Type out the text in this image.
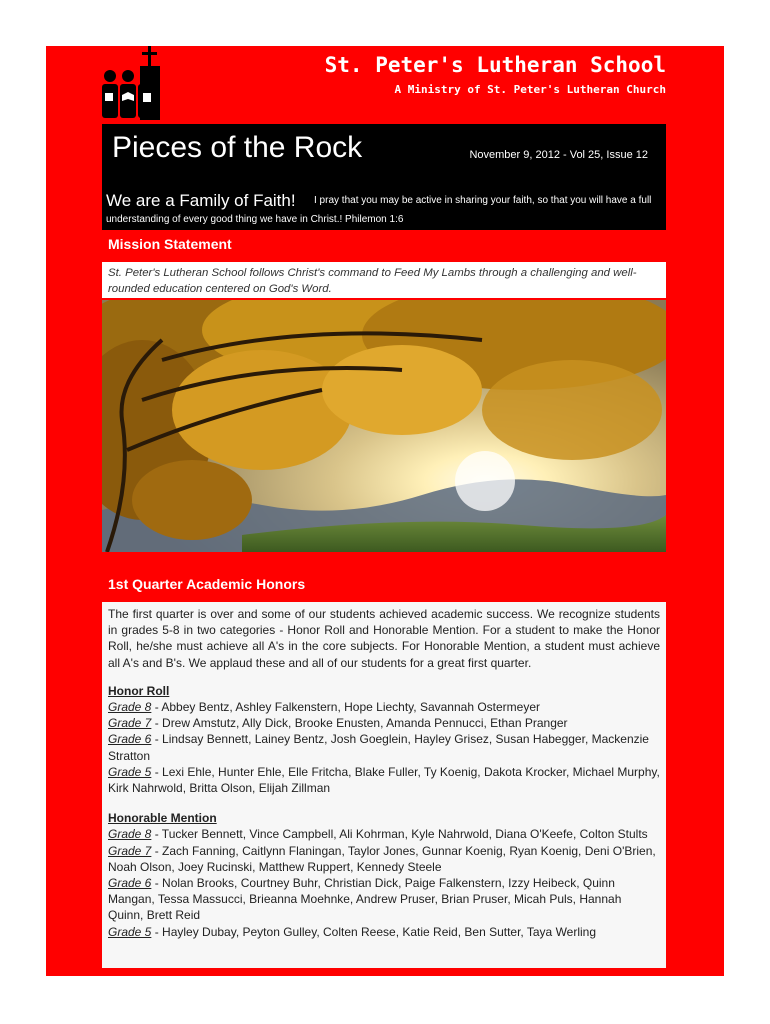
St. Peter's Lutheran School
A Ministry of St. Peter's Lutheran Church
Pieces of the Rock	November 9, 2012 - Vol 25, Issue 12
We are a Family of Faith! I pray that you may be active in sharing your faith, so that you will have a full
understanding of every good thing we have in Christ.! Philemon 1:6
Mission Statement
St. Peter's Lutheran School follows Christ's command to Feed My Lambs through a challenging and well-rounded education centered on God's Word.
1st Quarter Academic Honors

The first quarter is over and some of our students achieved academic success. We recognize students in grades 5-8 in two categories - Honor Roll and Honorable Mention. For a student to make the Honor Roll, he/she must achieve all A's in the core subjects. For Honorable Mention, a student must achieve all A's and B's. We applaud these and all of our students for a great first quarter.

Honor Roll
Grade 8 - Abbey Bentz, Ashley Falkenstern, Hope Liechty, Savannah Ostermeyer
Grade 7 - Drew Amstutz, Ally Dick, Brooke Enusten, Amanda Pennucci, Ethan Pranger
Grade 6 - Lindsay Bennett, Lainey Bentz, Josh Goeglein, Hayley Grisez, Susan Habegger, Mackenzie Stratton
Grade 5 - Lexi Ehle, Hunter Ehle, Elle Fritcha, Blake Fuller, Ty Koenig, Dakota Krocker, Michael Murphy, Kirk Nahrwold, Britta Olson, Elijah Zillman
Honorable Mention
Grade 8 - Tucker Bennett, Vince Campbell, Ali Kohrman, Kyle Nahrwold, Diana O'Keefe, Colton Stults
Grade 7 - Zach Fanning, Caitlynn Flaningan, Taylor Jones, Gunnar Koenig, Ryan Koenig, Deni O'Brien, Noah Olson, Joey Rucinski, Matthew Ruppert, Kennedy Steele
Grade 6 - Nolan Brooks, Courtney Buhr, Christian Dick, Paige Falkenstern, Izzy Heibeck, Quinn Mangan, Tessa Massucci, Brieanna Moehnke, Andrew Pruser, Brian Pruser, Micah Puls, Hannah Quinn, Brett Reid
Grade 5 - Hayley Dubay, Peyton Gulley, Colten Reese, Katie Reid, Ben Sutter, Taya Werling
